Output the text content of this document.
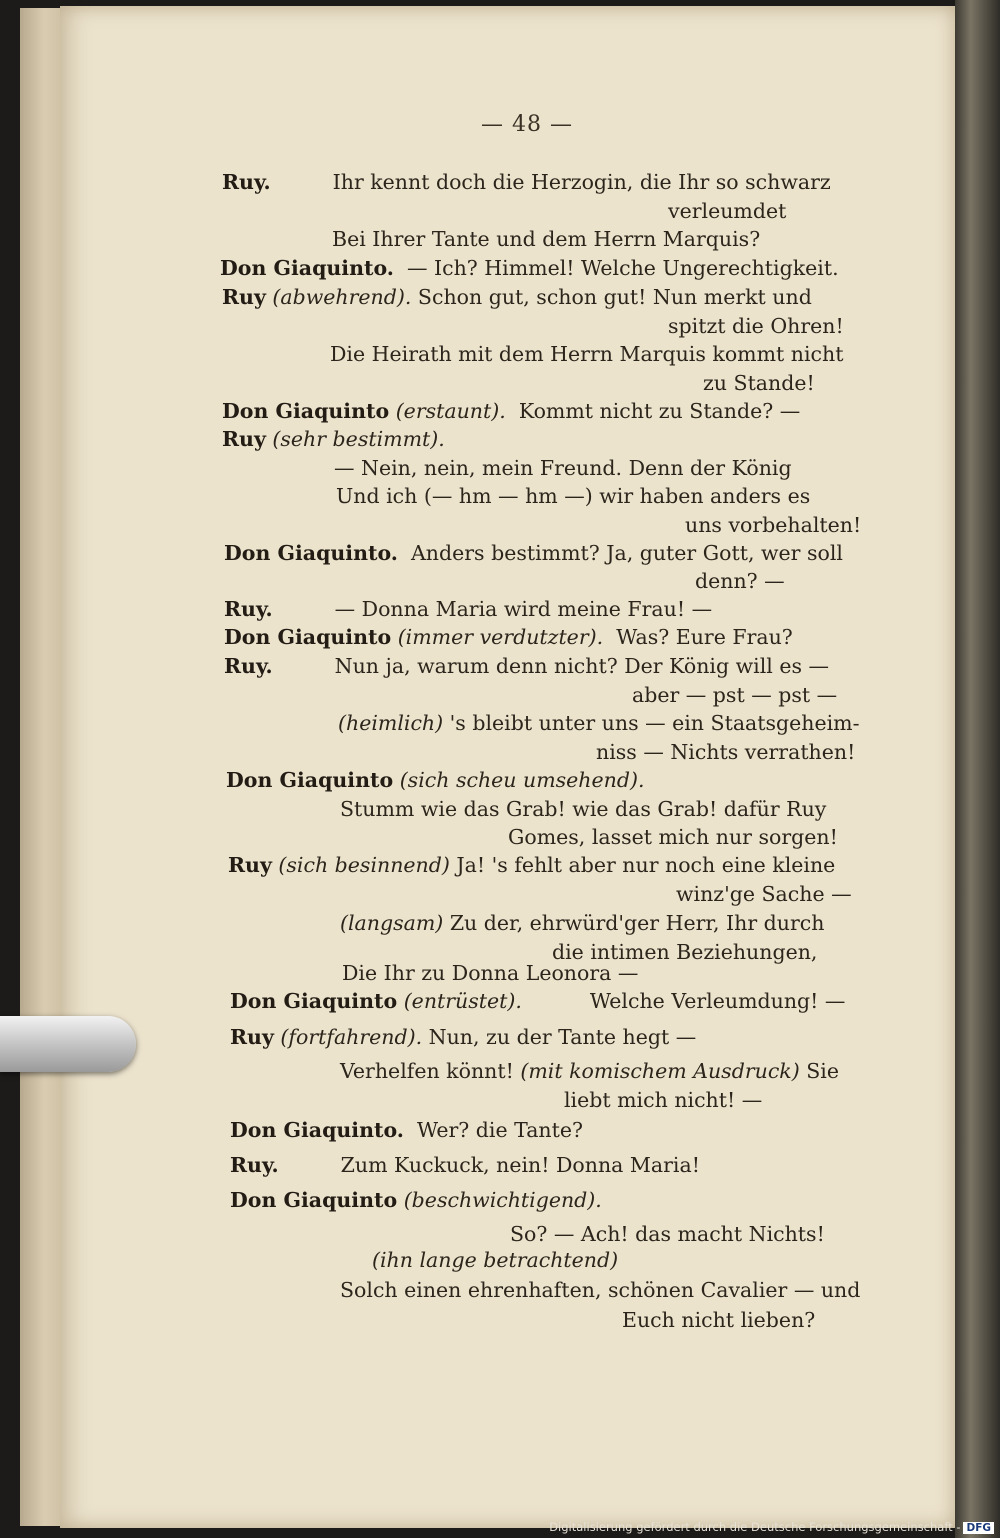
— 48 —
Ruy.	Ihr kennt doch die Herzogin, die Ihr so schwarz
verleumdet
Bei Ihrer Tante und dem Herrn Marquis?
Don Giaquinto. — Ich? Himmel! Welche Ungerechtigkeit.
Ruy (abwehrend). Schon gut, schon gut! Nun merkt und
spitzt die Ohren!
Die Heirath mit dem Herrn Marquis kommt nicht
zu Stande!
Don Giaquinto (erstaunt). Kommt nicht zu Stande? —
Ruy (sehr bestimmt).
— Nein, nein, mein Freund. Denn der König
Und ich (— hm — hm —) wir haben anders es
uns vorbehalten!
Don Giaquinto. Anders bestimmt? Ja, guter Gott, wer soll
denn? —
Ruy.	— Donna Maria wird meine Frau! —
Don Giaquinto (immer verdutzter). Was? Eure Frau?
Ruy.	Nun ja, warum denn nicht? Der König will es —
aber — pst — pst —
(heimlich) 's bleibt unter uns — ein Staatsgeheim-
niss — Nichts verrathen!
Don Giaquinto (sich scheu umsehend).
Stumm wie das Grab! wie das Grab! dafür Ruy
Gomes, lasset mich nur sorgen!
Ruy (sich besinnend) Ja! 's fehlt aber nur noch eine kleine
winz'ge Sache —
(langsam) Zu der, ehrwürd'ger Herr, Ihr durch
die intimen Beziehungen,
Die Ihr zu Donna Leonora —
Don Giaquinto (entrüstet).	Welche Verleumdung! —
Ruy (fortfahrend). Nun, zu der Tante hegt —
Verhelfen könnt! (mit komischem Ausdruck) Sie
liebt mich nicht! —
Don Giaquinto. Wer? die Tante?
Ruy.	Zum Kuckuck, nein! Donna Maria!
Don Giaquinto (beschwichtigend).
So? — Ach! das macht Nichts!
(ihn lange betrachtend)
Solch einen ehrenhaften, schönen Cavalier — und
Euch nicht lieben?
Digitalisierung gefördert durch die Deutsche Forschungsgemeinschaft - DFG
